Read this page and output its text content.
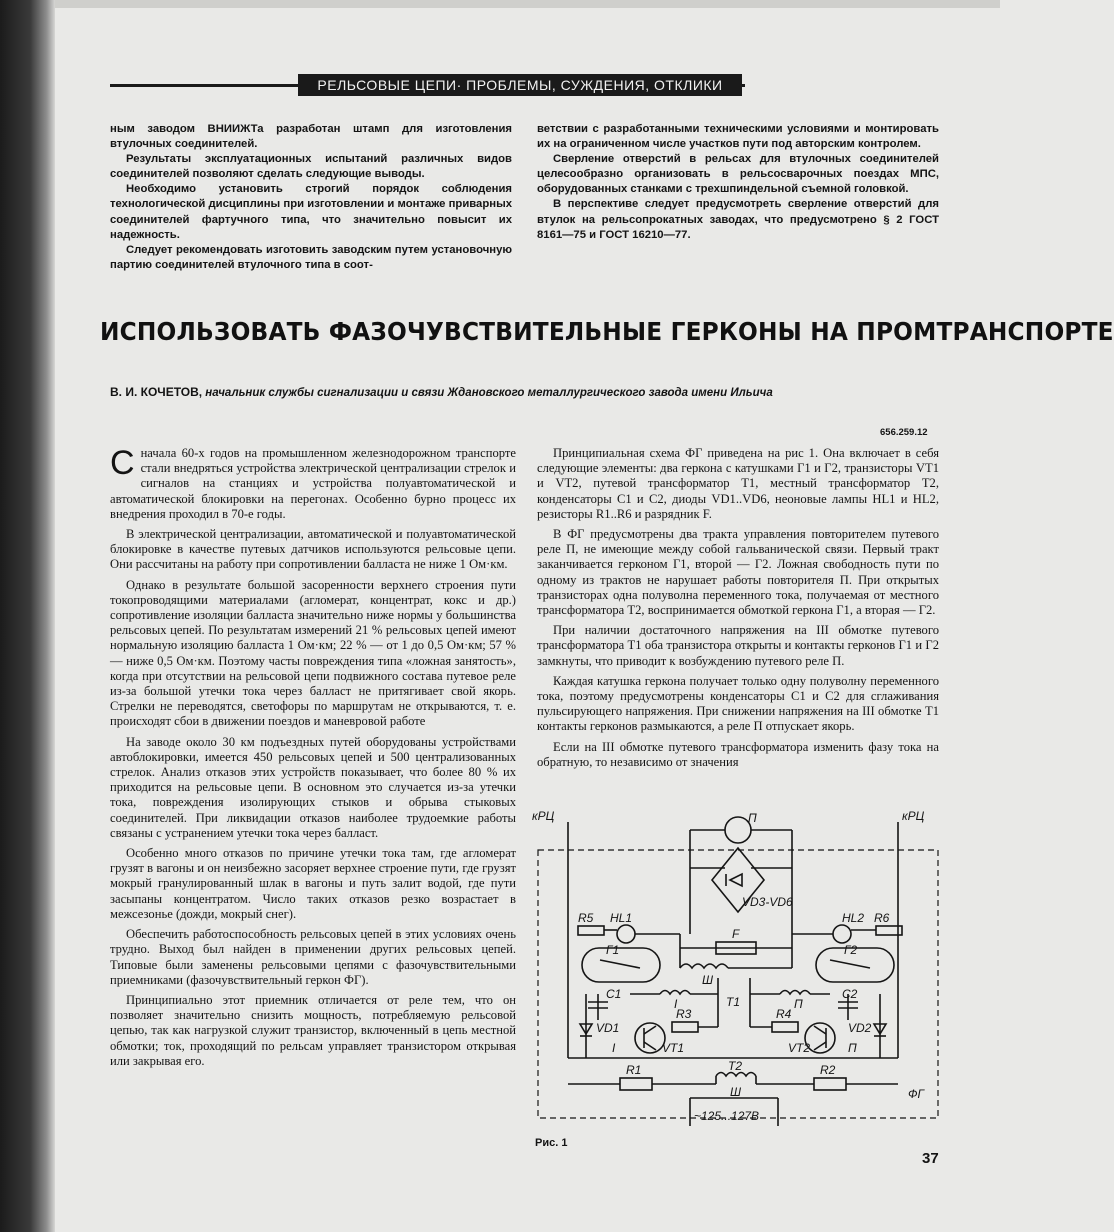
РЕЛЬСОВЫЕ ЦЕПИ· ПРОБЛЕМЫ, СУЖДЕНИЯ, ОТКЛИКИ

ным заводом ВНИИЖТа разработан штамп для изготовления втулочных соединителей.

Результаты эксплуатационных испытаний различных видов соединителей позволяют сделать следующие выводы.

Необходимо установить строгий порядок соблюдения технологической дисциплины при изготовлении и монтаже приварных соединителей фартучного типа, что значительно повысит их надежность.

Следует рекомендовать изготовить заводским путем установочную партию соединителей втулочного типа в соот-

ветствии с разработанными техническими условиями и монтировать их на ограниченном числе участков пути под авторским контролем.

Сверление отверстий в рельсах для втулочных соединителей целесообразно организовать в рельсосварочных поездах МПС, оборудованных станками с трехшпиндельной съемной головкой.

В перспективе следует предусмотреть сверление отверстий для втулок на рельсопрокатных заводах, что предусмотрено § 2 ГОСТ 8161—75 и ГОСТ 16210—77.

ИСПОЛЬЗОВАТЬ ФАЗОЧУВСТВИТЕЛЬНЫЕ ГЕРКОНЫ НА ПРОМТРАНСПОРТЕ
В. И. КОЧЕТОВ, начальник службы сигнализации и связи Ждановского металлургического завода имени Ильича
656.259.12

Сначала 60-х годов на промышленном железнодорожном транспорте стали внедряться устройства электрической централизации стрелок и сигналов на станциях и устройства полуавтоматической и автоматической блокировки на перегонах. Особенно бурно процесс их внедрения проходил в 70-е годы.

В электрической централизации, автоматической и полуавтоматической блокировке в качестве путевых датчиков используются рельсовые цепи. Они рассчитаны на работу при сопротивлении балласта не ниже 1 Ом·км.

Однако в результате большой засоренности верхнего строения пути токопроводящими материалами (агломерат, концентрат, кокс и др.) сопротивление изоляции балласта значительно ниже нормы у большинства рельсовых цепей. По результатам измерений 21 % рельсовых цепей имеют нормальную изоляцию балласта 1 Ом·км; 22 % — от 1 до 0,5 Ом·км; 57 % — ниже 0,5 Ом·км. Поэтому часты повреждения типа «ложная занятость», когда при отсутствии на рельсовой цепи подвижного состава путевое реле из-за большой утечки тока через балласт не притягивает свой якорь. Стрелки не переводятся, светофоры по маршрутам не открываются, т. е. происходят сбои в движении поездов и маневровой работе

На заводе около 30 км подъездных путей оборудованы устройствами автоблокировки, имеется 450 рельсовых цепей и 500 централизованных стрелок. Анализ отказов этих устройств показывает, что более 80 % их приходится на рельсовые цепи. В основном это случается из-за утечки тока, повреждения изолирующих стыков и обрыва стыковых соединителей. При ликвидации отказов наиболее трудоемкие работы связаны с устранением утечки тока через балласт.

Особенно много отказов по причине утечки тока там, где агломерат грузят в вагоны и он неизбежно засоряет верхнее строение пути, где грузят мокрый гранулированный шлак в вагоны и путь залит водой, где пути засыпаны концентратом. Число таких отказов резко возрастает в межсезонье (дожди, мокрый снег).

Обеспечить работоспособность рельсовых цепей в этих условиях очень трудно. Выход был найден в применении других рельсовых цепей. Типовые были заменены рельсовыми цепями с фазочувствительными приемниками (фазочувствительный геркон ФГ).

Принципиально этот приемник отличается от реле тем, что он позволяет значительно снизить мощность, потребляемую рельсовой цепью, так как нагрузкой служит транзистор, включенный в цепь местной обмотки; ток, проходящий по рельсам управляет транзистором открывая или закрывая его.

Принципиальная схема ФГ приведена на рис 1. Она включает в себя следующие элементы: два геркона с катушками Г1 и Г2, транзисторы VT1 и VT2, путевой трансформатор Т1, местный трансформатор Т2, конденсаторы С1 и С2, диоды VD1..VD6, неоновые лампы HL1 и HL2, резисторы R1..R6 и разрядник F.

В ФГ предусмотрены два тракта управления повторителем путевого реле П, не имеющие между собой гальванической связи. Первый тракт заканчивается герконом Г1, второй — Г2. Ложная свободность пути по одному из трактов не нарушает работы повторителя П. При открытых транзисторах одна полуволна переменного тока, получаемая от местного трансформатора Т2, воспринимается обмоткой геркона Г1, а вторая — Г2.

При наличии достаточного напряжения на III обмотке путевого трансформатора Т1 оба транзистора открыты и контакты герконов Г1 и Г2 замкнуты, что приводит к возбуждению путевого реле П.

Каждая катушка геркона получает только одну полуволну переменного тока, поэтому предусмотрены конденсаторы С1 и С2 для сглаживания пульсирующего напряжения. При снижении напряжения на III обмотке Т1 контакты герконов размыкаются, а реле П отпускает якорь.

Если на III обмотке путевого трансформатора изменить фазу тока на обратную, то независимо от значения

кРЦ	кРЦ
П
VD3-VD6
R5 HL1	HL2 R6
Г1	Г2
F
Ш
С1	С2
I	Т1	П
R3	R4
VD1	VD2
VT1	VT2
I	П
Т2
R1
Ш
R2
ФГ
~125...127В
Рис. 1
37
